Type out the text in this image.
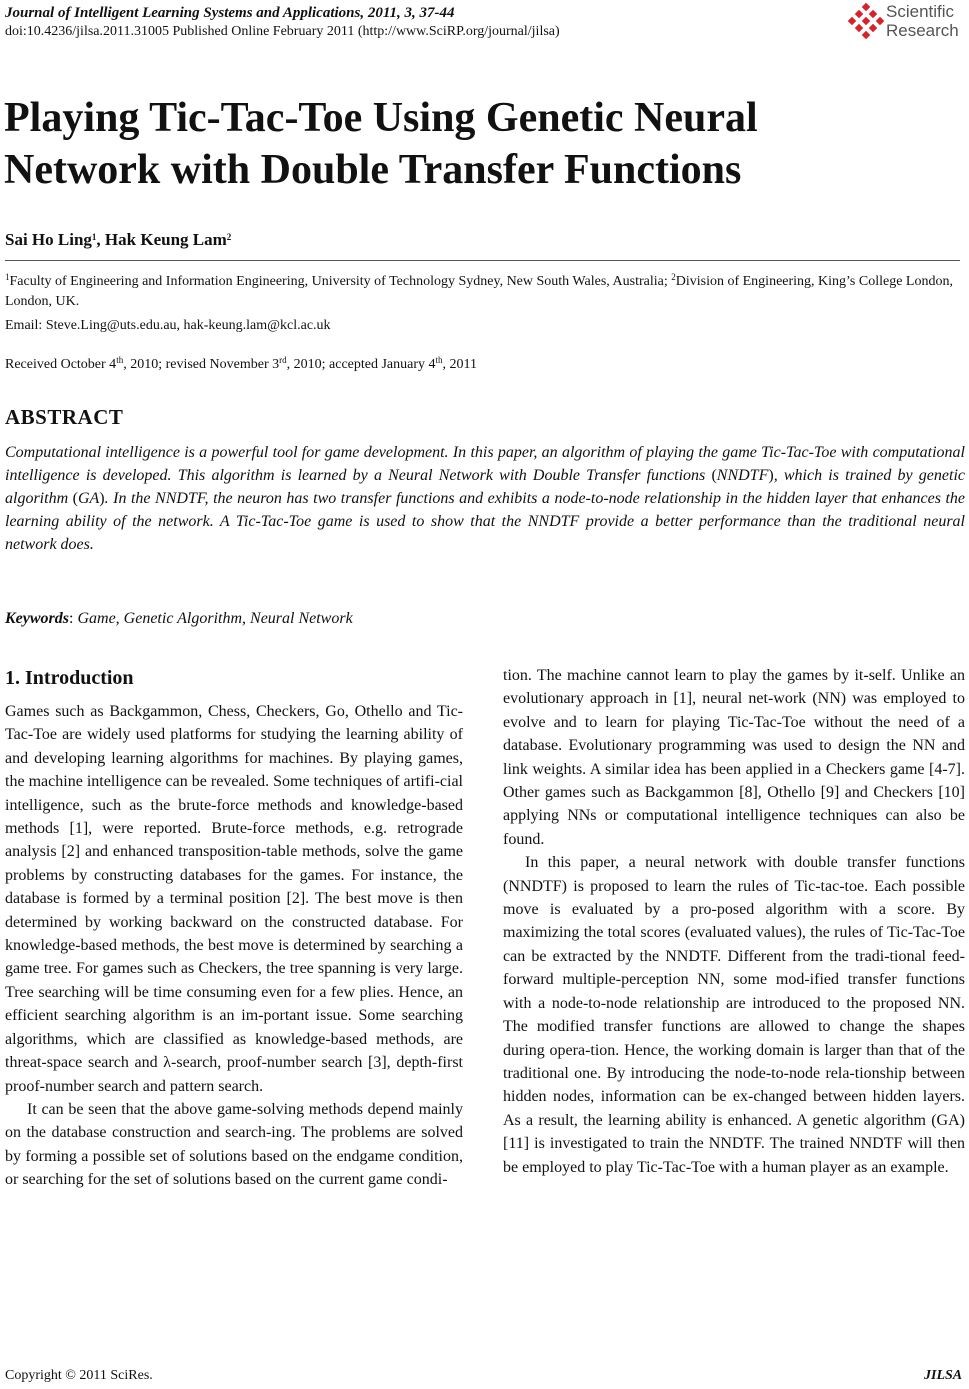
Journal of Intelligent Learning Systems and Applications, 2011, 3, 37-44
doi:10.4236/jilsa.2011.31005 Published Online February 2011 (http://www.SciRP.org/journal/jilsa)
Scientific
Research
Playing Tic-Tac-Toe Using Genetic Neural
Network with Double Transfer Functions
Sai Ho Ling$^1$, Hak Keung Lam$^2$
$^1$Faculty of Engineering and Information Engineering, University of Technology Sydney, New South Wales, Australia; $^2$Division of Engineering, King’s College London, London, UK.
Email: Steve.Ling@uts.edu.au, hak-keung.lam@kcl.ac.uk
Received October 4th, 2010; revised November 3rd, 2010; accepted January 4th, 2011
ABSTRACT
Computational intelligence is a powerful tool for game development. In this paper, an algorithm of playing the game Tic-Tac-Toe with computational intelligence is developed. This algorithm is learned by a Neural Network with Double Transfer functions (NNDTF), which is trained by genetic algorithm (GA). In the NNDTF, the neuron has two transfer functions and exhibits a node-to-node relationship in the hidden layer that enhances the learning ability of the network. A Tic-Tac-Toe game is used to show that the NNDTF provide a better performance than the traditional neural network does.
Keywords: Game, Genetic Algorithm, Neural Network
1. Introduction

Games such as Backgammon, Chess, Checkers, Go, Othello and Tic-Tac-Toe are widely used platforms for studying the learning ability of and developing learning algorithms for machines. By playing games, the machine intelligence can be revealed. Some techniques of artifi-cial intelligence, such as the brute-force methods and knowledge-based methods [1], were reported. Brute-force methods, e.g. retrograde analysis [2] and enhanced transposition-table methods, solve the game problems by constructing databases for the games. For instance, the database is formed by a terminal position [2]. The best move is then determined by working backward on the constructed database. For knowledge-based methods, the best move is determined by searching a game tree. For games such as Checkers, the tree spanning is very large. Tree searching will be time consuming even for a few plies. Hence, an efficient searching algorithm is an im-portant issue. Some searching algorithms, which are classified as knowledge-based methods, are threat-space search and λ-search, proof-number search [3], depth-first proof-number search and pattern search.

It can be seen that the above game-solving methods depend mainly on the database construction and search-ing. The problems are solved by forming a possible set of solutions based on the endgame condition, or searching for the set of solutions based on the current game condi-

tion. The machine cannot learn to play the games by it-self. Unlike an evolutionary approach in [1], neural net-work (NN) was employed to evolve and to learn for playing Tic-Tac-Toe without the need of a database. Evolutionary programming was used to design the NN and link weights. A similar idea has been applied in a Checkers game [4-7]. Other games such as Backgammon [8], Othello [9] and Checkers [10] applying NNs or computational intelligence techniques can also be found.

In this paper, a neural network with double transfer functions (NNDTF) is proposed to learn the rules of Tic-tac-toe. Each possible move is evaluated by a pro-posed algorithm with a score. By maximizing the total scores (evaluated values), the rules of Tic-Tac-Toe can be extracted by the NNDTF. Different from the tradi-tional feed-forward multiple-perception NN, some mod-ified transfer functions with a node-to-node relationship are introduced to the proposed NN. The modified transfer functions are allowed to change the shapes during opera-tion. Hence, the working domain is larger than that of the traditional one. By introducing the node-to-node rela-tionship between hidden nodes, information can be ex-changed between hidden layers. As a result, the learning ability is enhanced. A genetic algorithm (GA) [11] is investigated to train the NNDTF. The trained NNDTF will then be employed to play Tic-Tac-Toe with a human player as an example.

Copyright © 2011 SciRes.	JILSA
